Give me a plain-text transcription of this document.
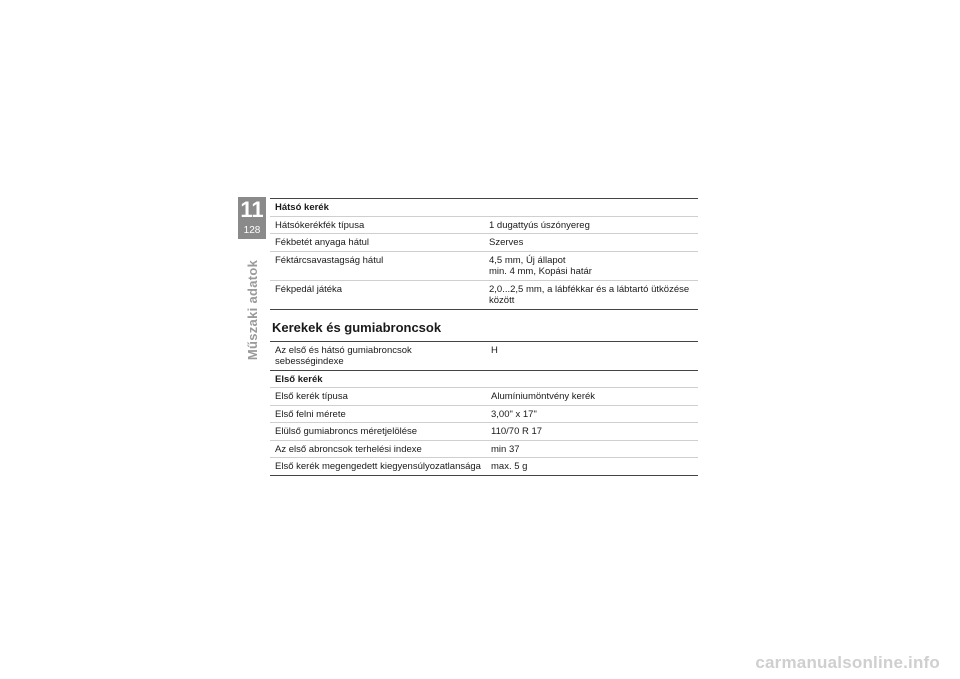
11
128
Műszaki adatok
Hátsó kerék	
Hátsókerékfék típusa	1 dugattyús úszónyereg
Fékbetét anyaga hátul	Szerves
Féktárcsavastagság hátul	4,5 mm, Új állapot
min. 4 mm, Kopási határ

Fékpedál játéka	2,0...2,5 mm, a lábfékkar és a lábtartó ütközése
között
Kerekek és gumiabroncsok
Az első és hátsó gumiabroncsok sebességindexe	H
Első kerék	
Első kerék típusa	Alumíniumöntvény kerék
Első felni mérete	3,00" x 17"
Elülső gumiabroncs méretjelölése	110/70 R 17
Az első abroncsok terhelési indexe	min 37
Első kerék megengedett kiegyensúlyozatlansága	max. 5 g
carmanualsonline.info
